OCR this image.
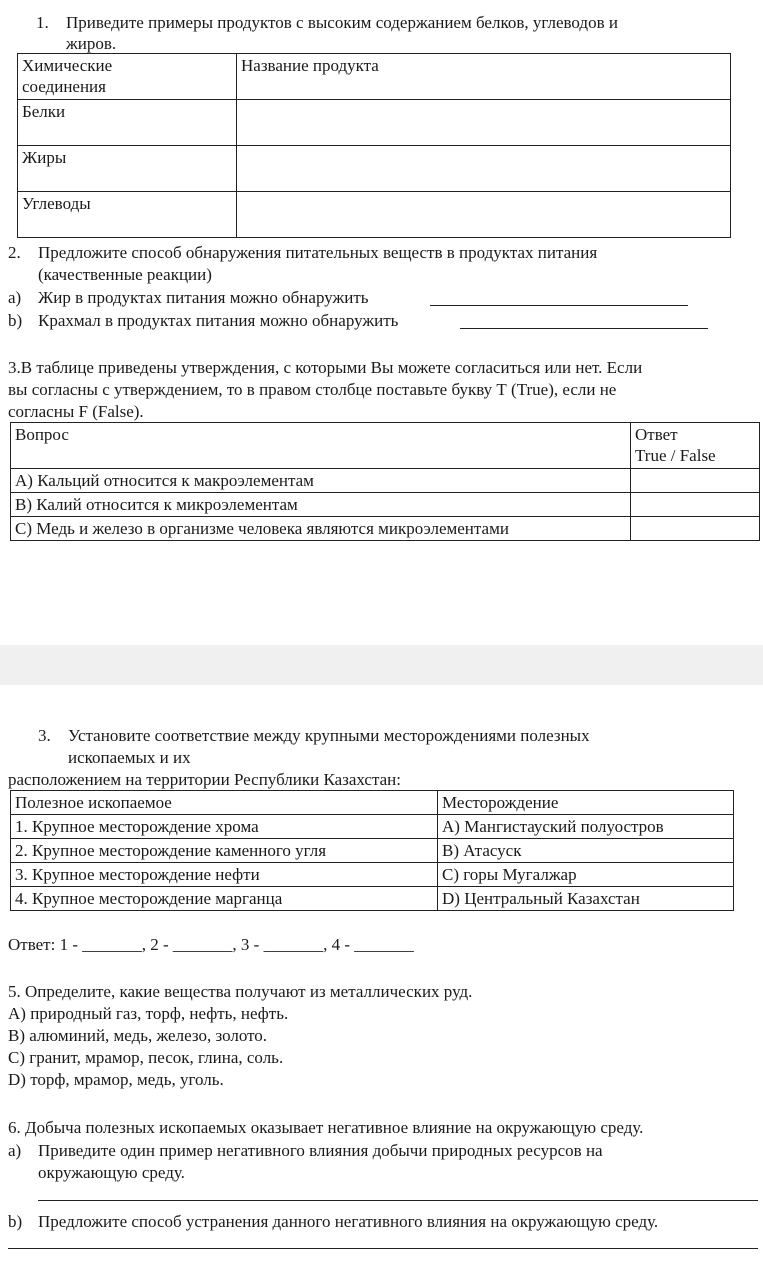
1. Приведите примеры продуктов с высоким содержанием белков, углеводов и
жиров.
Химические
соединения	Название продукта
Белки	
Жиры	
Углеводы	
2. Предложите способ обнаружения питательных веществ в продуктах питания
(качественные реакции)
a) Жир в продуктах питания можно обнаружить
b) Крахмал в продуктах питания можно обнаружить
3.В таблице приведены утверждения, с которыми Вы можете согласиться или нет. Если
вы согласны с утверждением, то в правом столбце поставьте букву Т (True), если не
согласны F (False).
Вопрос	Ответ
True / False

А) Кальций относится к макроэлементам	
В) Калий относится к микроэлементам	
С) Медь и железо в организме человека являются микроэлементами	
3. Установите соответствие между крупными месторождениями полезных
ископаемых и их
расположением на территории Республики Казахстан:
Полезное ископаемое	Месторождение
1. Крупное месторождение хрома	А) Мангистауский полуостров
2. Крупное месторождение каменного угля	В) Атасуск
3. Крупное месторождение нефти	С) горы Мугалжар
4. Крупное месторождение марганца	D) Центральный Казахстан
Ответ: 1 - _______, 2 - _______, 3 - _______, 4 - _______
5. Определите, какие вещества получают из металлических руд.
А) природный газ, торф, нефть, нефть.
В) алюминий, медь, железо, золото.
С) гранит, мрамор, песок, глина, соль.
D) торф, мрамор, медь, уголь.
6. Добыча полезных ископаемых оказывает негативное влияние на окружающую среду.
a) Приведите один пример негативного влияния добычи природных ресурсов на
окружающую среду.
b) Предложите способ устранения данного негативного влияния на окружающую среду.
